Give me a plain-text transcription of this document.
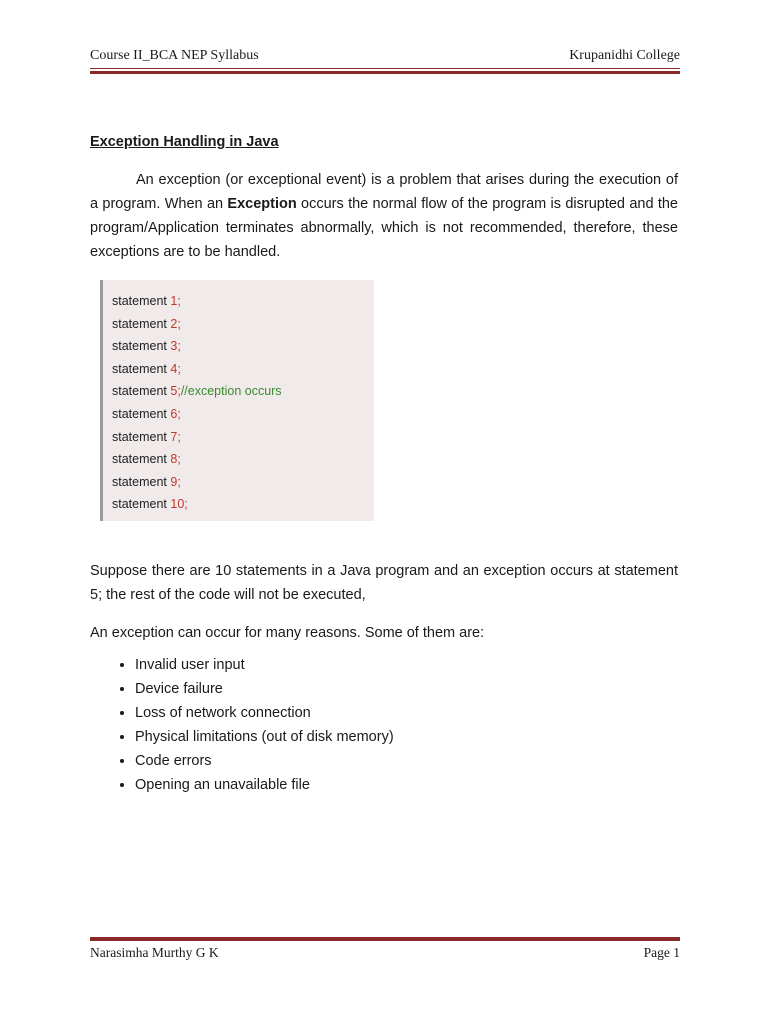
Course II_BCA NEP Syllabus	Krupanidhi College

Exception Handling in Java

An exception (or exceptional event) is a problem that arises during the execution of a program. When an Exception occurs the normal flow of the program is disrupted and the program/Application terminates abnormally, which is not recommended, therefore, these exceptions are to be handled.

statement 1;
statement 2;
statement 3;
statement 4;
statement 5;//exception occurs
statement 6;
statement 7;
statement 8;
statement 9;
statement 10;

Suppose there are 10 statements in a Java program and an exception occurs at statement 5; the rest of the code will not be executed,

An exception can occur for many reasons. Some of them are:

• Invalid user input
• Device failure
• Loss of network connection
• Physical limitations (out of disk memory)
• Code errors
• Opening an unavailable file
Narasimha Murthy G K	Page 1
